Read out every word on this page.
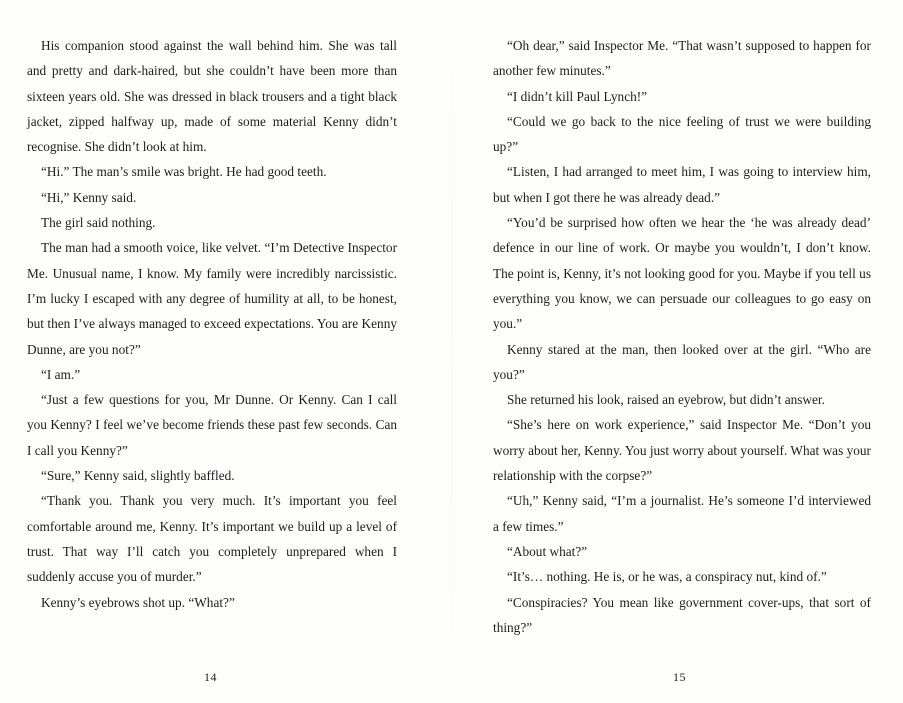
His companion stood against the wall behind him. She was tall and pretty and dark-haired, but she couldn’t have been more than sixteen years old. She was dressed in black trousers and a tight black jacket, zipped halfway up, made of some material Kenny didn’t recognise. She didn’t look at him.

“Hi.” The man’s smile was bright. He had good teeth.

“Hi,” Kenny said.

The girl said nothing.

The man had a smooth voice, like velvet. “I’m Detective Inspector Me. Unusual name, I know. My family were incredibly narcissistic. I’m lucky I escaped with any degree of humility at all, to be honest, but then I’ve always managed to exceed expectations. You are Kenny Dunne, are you not?”

“I am.”

“Just a few questions for you, Mr Dunne. Or Kenny. Can I call you Kenny? I feel we’ve become friends these past few seconds. Can I call you Kenny?”

“Sure,” Kenny said, slightly baffled.

“Thank you. Thank you very much. It’s important you feel comfortable around me, Kenny. It’s important we build up a level of trust. That way I’ll catch you completely unprepared when I suddenly accuse you of murder.”

Kenny’s eyebrows shot up. “What?”

“Oh dear,” said Inspector Me. “That wasn’t supposed to happen for another few minutes.”

“I didn’t kill Paul Lynch!”

“Could we go back to the nice feeling of trust we were building up?”

“Listen, I had arranged to meet him, I was going to interview him, but when I got there he was already dead.”

“You’d be surprised how often we hear the ‘he was already dead’ defence in our line of work. Or maybe you wouldn’t, I don’t know. The point is, Kenny, it’s not looking good for you. Maybe if you tell us everything you know, we can persuade our colleagues to go easy on you.”

Kenny stared at the man, then looked over at the girl. “Who are you?”

She returned his look, raised an eyebrow, but didn’t answer.

“She’s here on work experience,” said Inspector Me. “Don’t you worry about her, Kenny. You just worry about yourself. What was your relationship with the corpse?”

“Uh,” Kenny said, “I’m a journalist. He’s someone I’d interviewed a few times.”

“About what?”

“It’s… nothing. He is, or he was, a conspiracy nut, kind of.”

“Conspiracies? You mean like government cover-ups, that sort of thing?”

14	15
